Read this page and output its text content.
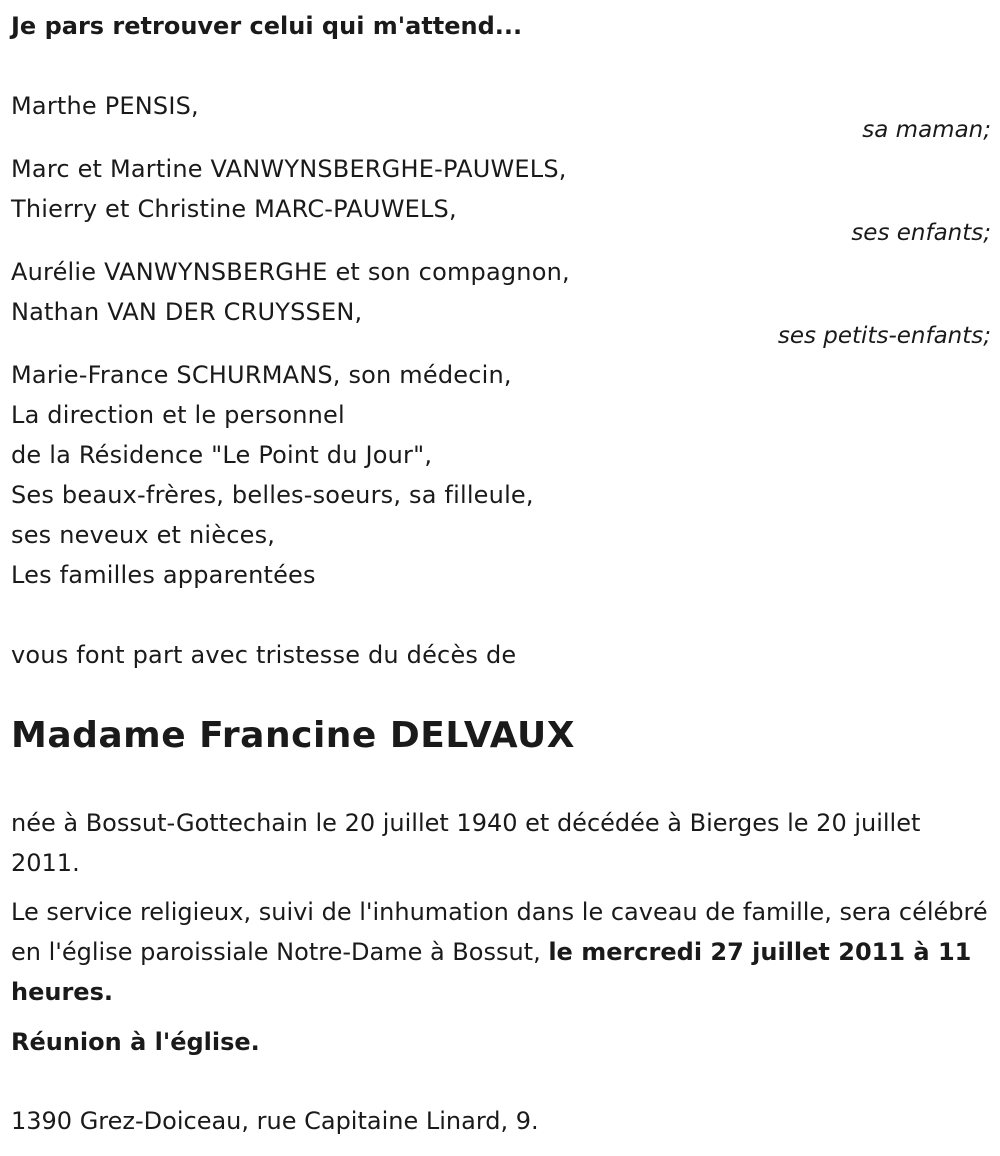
Je pars retrouver celui qui m'attend...
Marthe PENSIS,
sa maman;
Marc et Martine VANWYNSBERGHE-PAUWELS,
Thierry et Christine MARC-PAUWELS,
ses enfants;
Aurélie VANWYNSBERGHE et son compagnon,
Nathan VAN DER CRUYSSEN,
ses petits-enfants;
Marie-France SCHURMANS, son médecin,
La direction et le personnel
de la Résidence "Le Point du Jour",
Ses beaux-frères, belles-soeurs, sa filleule,
ses neveux et nièces,
Les familles apparentées
vous font part avec tristesse du décès de
Madame Francine DELVAUX
née à Bossut-Gottechain le 20 juillet 1940 et décédée à Bierges le 20 juillet 2011.
Le service religieux, suivi de l'inhumation dans le caveau de famille, sera célébré en l'église paroissiale Notre-Dame à Bossut, le mercredi 27 juillet 2011 à 11 heures.
Réunion à l'église.
1390 Grez-Doiceau, rue Capitaine Linard, 9.
